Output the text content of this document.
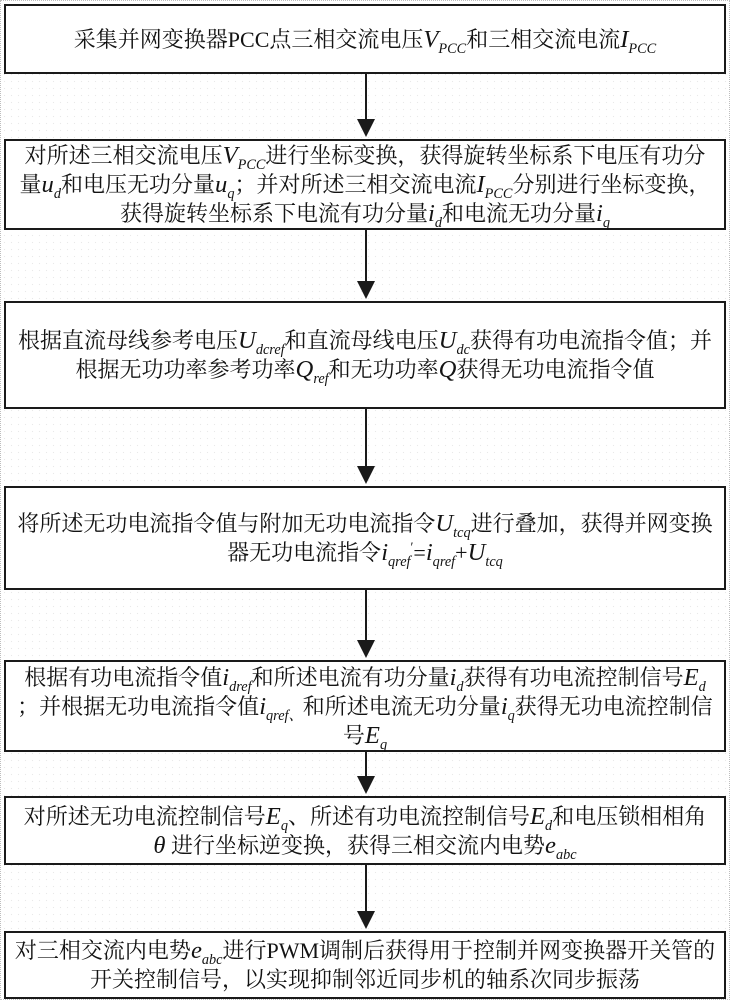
采集并网变换器PCC点三相交流电压$V_{PCC}$和三相交流电流$I_{PCC}$
对所述三相交流电压$V_{PCC}$进行坐标变换，获得旋转坐标系下电压有功分
量$u_d$和电压无功分量$u_q$；并对所述三相交流电流$I_{PCC}$分别进行坐标变换，
获得旋转坐标系下电流有功分量$i_d$和电流无功分量$i_q$
根据直流母线参考电压$U_{dcref}$和直流母线电压$U_{dc}$获得有功电流指令值；并
根据无功功率参考功率$Q_{ref}$和无功功率Q获得无功电流指令值
将所述无功电流指令值与附加无功电流指令$U_{tcq}$进行叠加，获得并网变换
器无功电流指令$i_{qref}'=i_{qref}+U_{tcq}$
根据有功电流指令值$i_{dref}$和所述电流有功分量$i_d$获得有功电流控制信号$E_d$
；并根据无功电流指令值$i_{qref、}$和所述电流无功分量$i_q$获得无功电流控制信
号$E_q$
对所述无功电流控制信号$E_q$、所述有功电流控制信号$E_d$和电压锁相相角
θ 进行坐标逆变换，获得三相交流内电势$e_{abc}$
对三相交流内电势$e_{abc}$进行PWM调制后获得用于控制并网变换器开关管的
开关控制信号，以实现抑制邻近同步机的轴系次同步振荡
